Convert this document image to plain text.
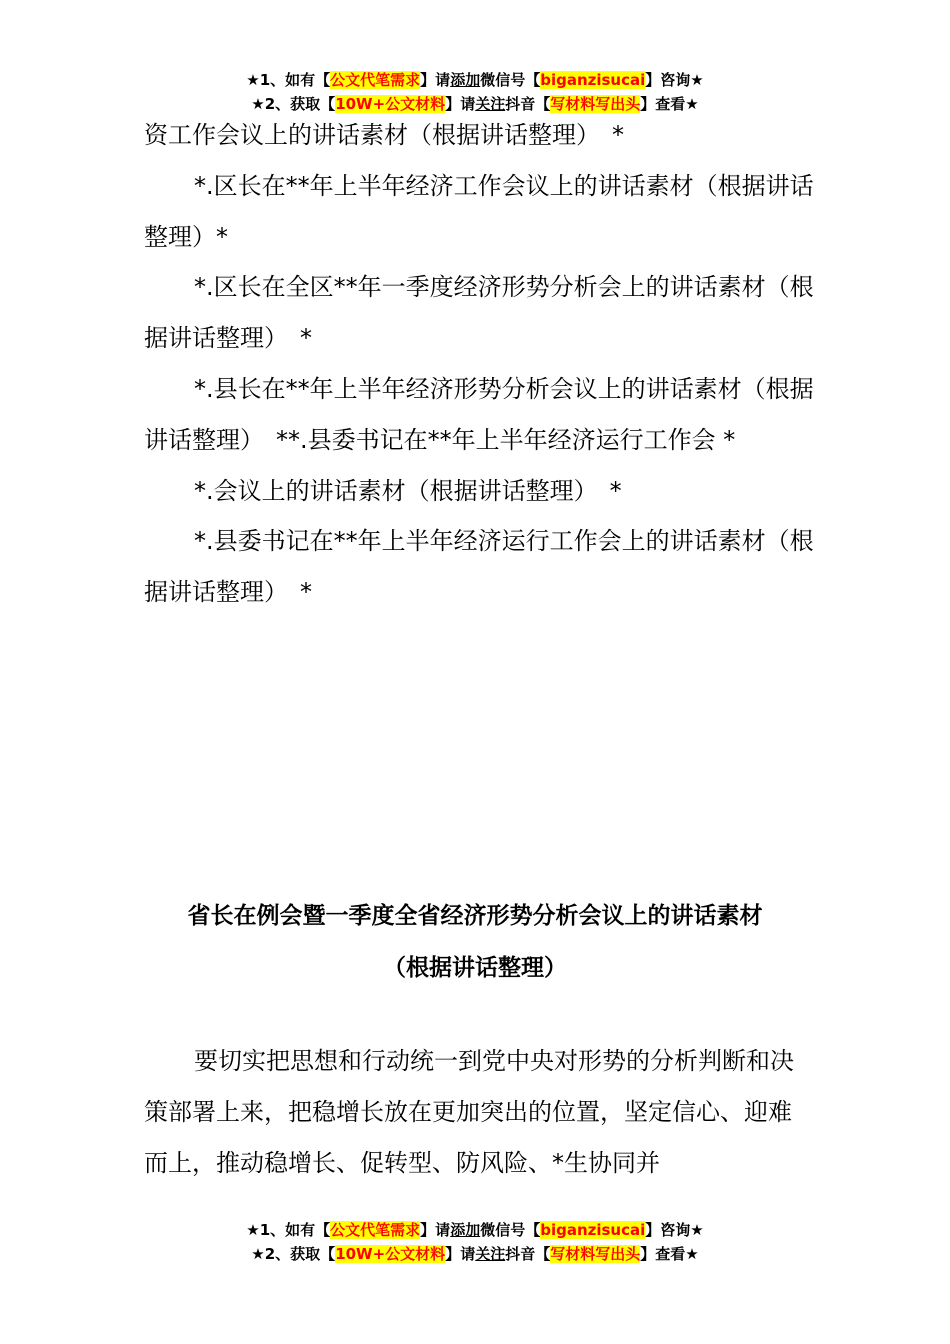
★1、如有【公文代笔需求】请添加微信号【biganzisucai】咨询★
★2、获取【10W+公文材料】请关注抖音【写材料写出头】查看★

资工作会议上的讲话素材（根据讲话整理）　*

*.区长在**年上半年经济工作会议上的讲话素材（根据讲话整理）*

*.区长在全区**年一季度经济形势分析会上的讲话素材（根据讲话整理）　*

*.县长在**年上半年经济形势分析会议上的讲话素材（根据讲话整理）　**.县委书记在**年上半年经济运行工作会 *

*.会议上的讲话素材（根据讲话整理）　*

*.县委书记在**年上半年经济运行工作会上的讲话素材（根据讲话整理）　*

省长在例会暨一季度全省经济形势分析会议上的讲话素材
（根据讲话整理）

要切实把思想和行动统一到党中央对形势的分析判断和决策部署上来，把稳增长放在更加突出的位置，坚定信心、迎难而上，推动稳增长、促转型、防风险、*生协同并

★1、如有【公文代笔需求】请添加微信号【biganzisucai】咨询★
★2、获取【10W+公文材料】请关注抖音【写材料写出头】查看★
